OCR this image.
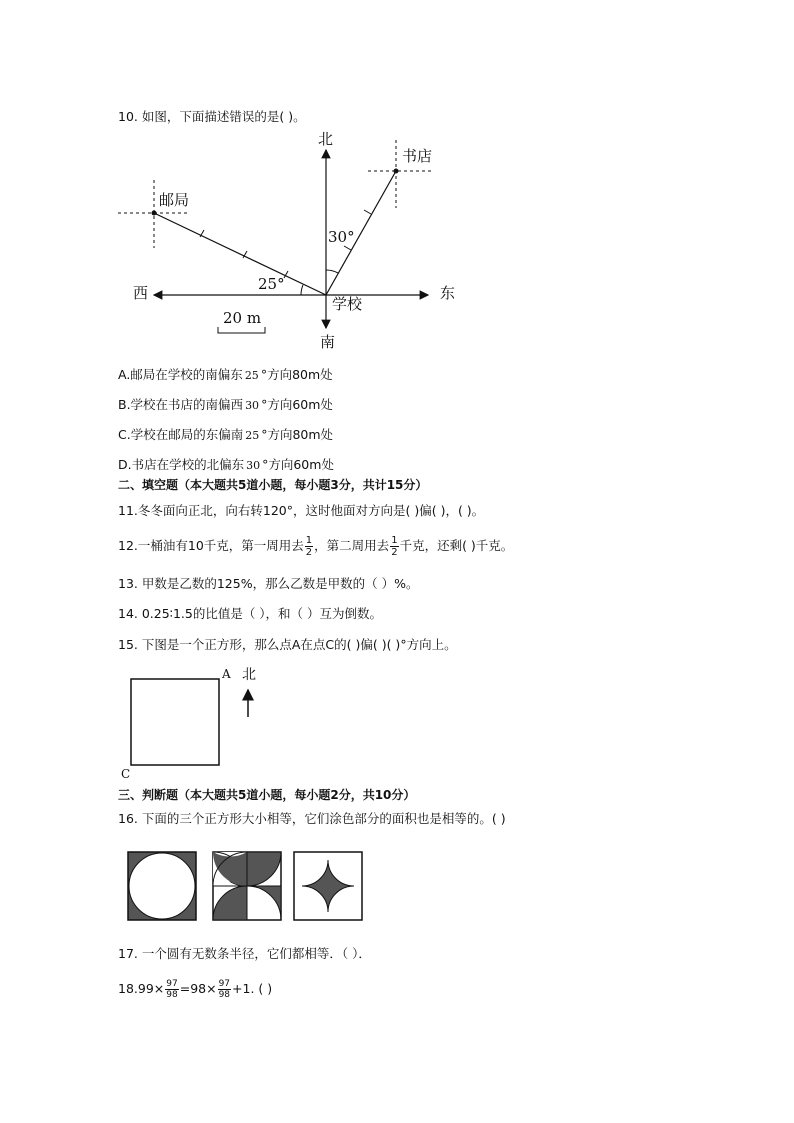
10. 如图，下面描述错误的是( )。
北
南
东
西
书店
邮局
学校
30°
25°
20 m
A.邮局在学校的南偏东 25 °方向80m处
B.学校在书店的南偏西 30 °方向60m处
C.学校在邮局的东偏南 25 °方向80m处
D.书店在学校的北偏东 30 °方向60m处
二、填空题（本大题共5道小题，每小题3分，共计15分）
11.冬冬面向正北，向右转120°，这时他面对方向是( )偏( )，( )。
12.一桶油有10千克，第一周用去 $\frac{1}{2}$ ，第二周用去 $\frac{1}{2}$ 千克，还剩( )千克。
13. 甲数是乙数的125%，那么乙数是甲数的（ ）%。
14. 0.25∶1.5的比值是（ ），和（ ）互为倒数。
15. 下图是一个正方形，那么点A在点C的( )偏( )( )°方向上。
A
C
北
三、判断题（本大题共5道小题，每小题2分，共10分）
16. 下面的三个正方形大小相等，它们涂色部分的面积也是相等的。( )
17. 一个圆有无数条半径，它们都相等．（ ）．
$18.99\times \frac{97}{98} =98\times \frac{97}{98} +1$. ( )
